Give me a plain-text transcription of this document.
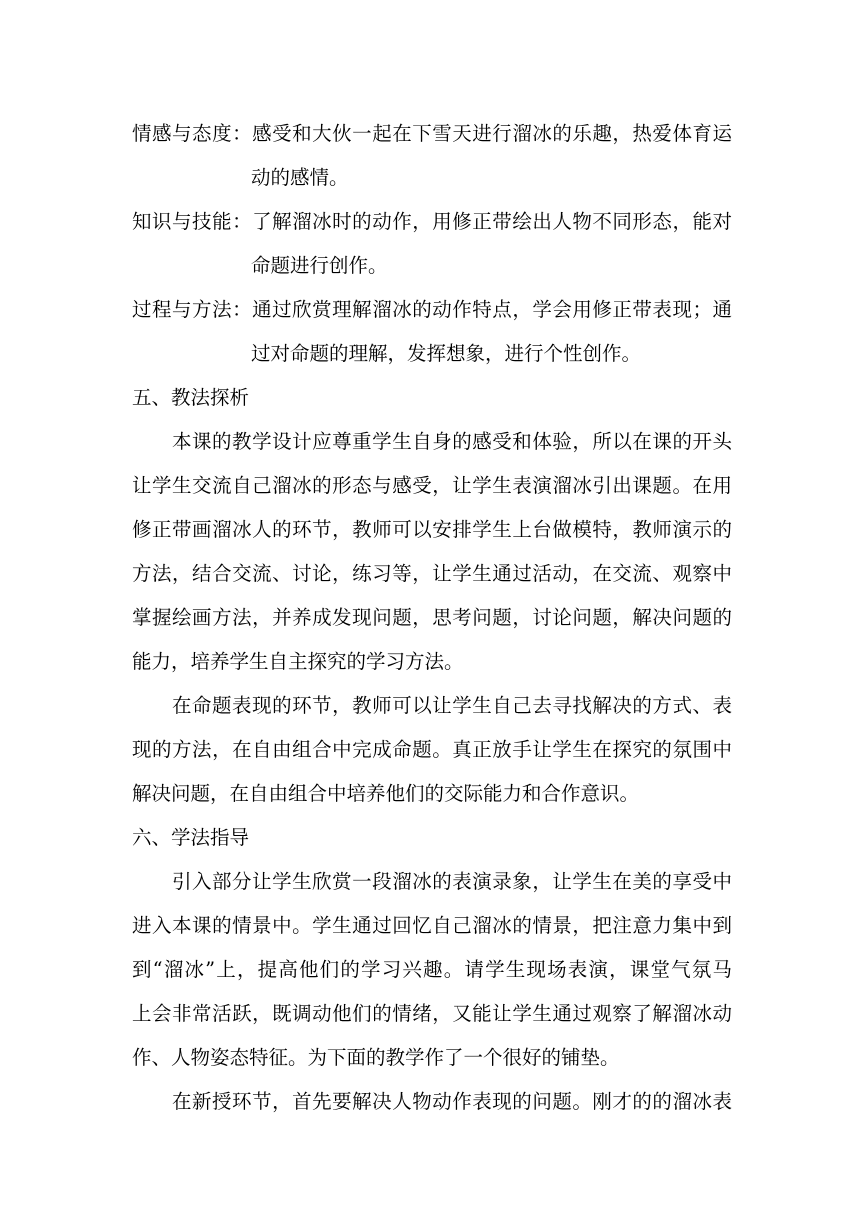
情感与态度：感受和大伙一起在下雪天进行溜冰的乐趣，热爱体育运
动的感情。
知识与技能：了解溜冰时的动作，用修正带绘出人物不同形态，能对
命题进行创作。
过程与方法：通过欣赏理解溜冰的动作特点，学会用修正带表现；通
过对命题的理解，发挥想象，进行个性创作。
五、教法探析
本课的教学设计应尊重学生自身的感受和体验，所以在课的开头
让学生交流自己溜冰的形态与感受，让学生表演溜冰引出课题。在用
修正带画溜冰人的环节，教师可以安排学生上台做模特，教师演示的
方法，结合交流、讨论，练习等，让学生通过活动，在交流、观察中
掌握绘画方法，并养成发现问题，思考问题，讨论问题，解决问题的
能力，培养学生自主探究的学习方法。
在命题表现的环节，教师可以让学生自己去寻找解决的方式、表
现的方法，在自由组合中完成命题。真正放手让学生在探究的氛围中
解决问题，在自由组合中培养他们的交际能力和合作意识。
六、学法指导
引入部分让学生欣赏一段溜冰的表演录象，让学生在美的享受中
进入本课的情景中。学生通过回忆自己溜冰的情景，把注意力集中到
到“溜冰”上，提高他们的学习兴趣。请学生现场表演，课堂气氛马
上会非常活跃，既调动他们的情绪，又能让学生通过观察了解溜冰动
作、人物姿态特征。为下面的教学作了一个很好的铺垫。
在新授环节，首先要解决人物动作表现的问题。刚才的的溜冰表
